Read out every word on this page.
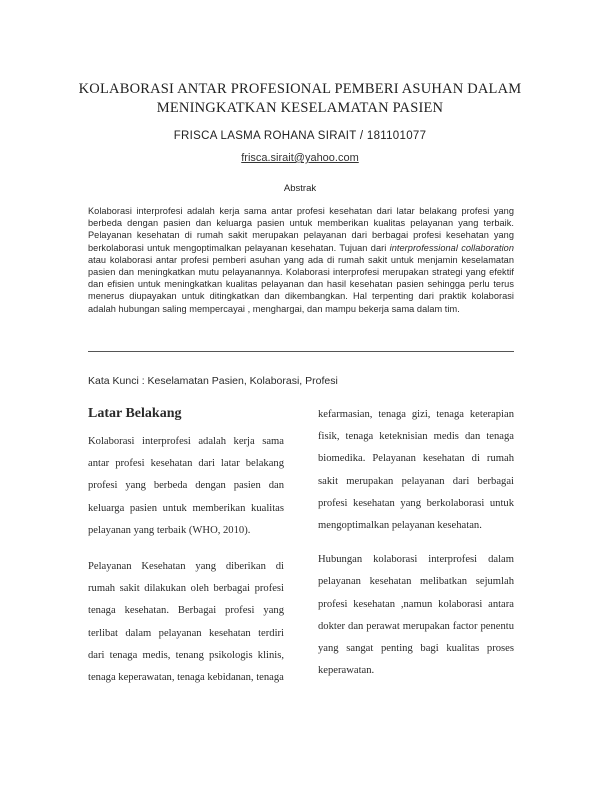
KOLABORASI ANTAR PROFESIONAL PEMBERI ASUHAN DALAM
MENINGKATKAN KESELAMATAN PASIEN
FRISCA LASMA ROHANA SIRAIT / 181101077
frisca.sirait@yahoo.com
Abstrak

Kolaborasi interprofesi adalah kerja sama antar profesi kesehatan dari latar belakang profesi yang berbeda dengan pasien dan keluarga pasien untuk memberikan kualitas pelayanan yang terbaik. Pelayanan kesehatan di rumah sakit merupakan pelayanan dari berbagai profesi kesehatan yang berkolaborasi untuk mengoptimalkan pelayanan kesehatan. Tujuan dari interprofessional collaboration atau kolaborasi antar profesi pemberi asuhan yang ada di rumah sakit untuk menjamin keselamatan pasien dan meningkatkan mutu pelayanannya. Kolaborasi interprofesi merupakan strategi yang efektif dan efisien untuk meningkatkan kualitas pelayanan dan hasil kesehatan pasien sehingga perlu terus menerus diupayakan untuk ditingkatkan dan dikembangkan. Hal terpenting dari praktik kolaborasi adalah hubungan saling mempercayai , menghargai, dan mampu bekerja sama dalam tim.

Kata Kunci : Keselamatan Pasien, Kolaborasi, Profesi
Latar Belakang

Kolaborasi interprofesi adalah kerja sama antar profesi kesehatan dari latar belakang profesi yang berbeda dengan pasien dan keluarga pasien untuk memberikan kualitas pelayanan yang terbaik (WHO, 2010).

Pelayanan Kesehatan yang diberikan di rumah sakit dilakukan oleh berbagai profesi tenaga kesehatan. Berbagai profesi yang terlibat dalam pelayanan kesehatan terdiri dari tenaga medis, tenang psikologis klinis, tenaga keperawatan, tenaga kebidanan, tenaga

kefarmasian, tenaga gizi, tenaga keterapian fisik, tenaga keteknisian medis dan tenaga biomedika. Pelayanan kesehatan di rumah sakit merupakan pelayanan dari berbagai profesi kesehatan yang berkolaborasi untuk mengoptimalkan pelayanan kesehatan.

Hubungan kolaborasi interprofesi dalam pelayanan kesehatan melibatkan sejumlah profesi kesehatan ,namun kolaborasi antara dokter dan perawat merupakan factor penentu yang sangat penting bagi kualitas proses keperawatan.
